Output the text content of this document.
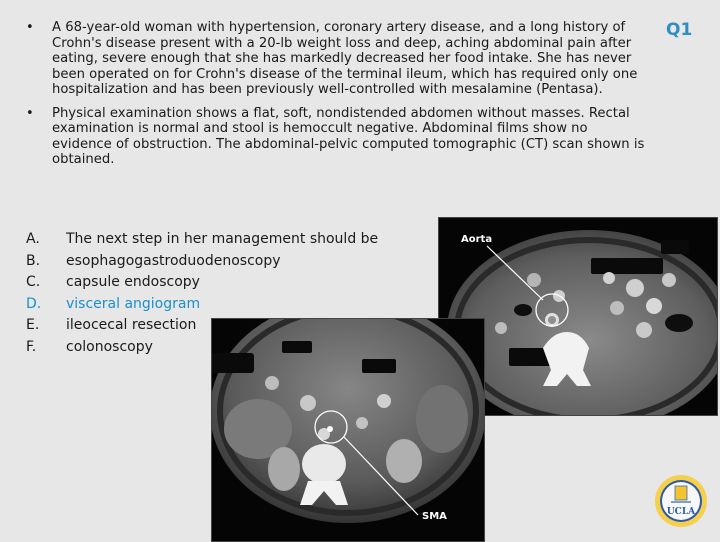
Q1
• A 68-year-old woman with hypertension, coronary artery disease, and a long history of Crohn's disease present with a 20-lb weight loss and deep, aching abdominal pain after eating, severe enough that she has markedly decreased her food intake. She has never been operated on for Crohn's disease of the terminal ileum, which has required only one hospitalization and has been previously well-controlled with mesalamine (Pentasa).
• Physical examination shows a flat, soft, nondistended abdomen without masses. Rectal examination is normal and stool is hemoccult negative. Abdominal films show no evidence of obstruction. The abdominal-pelvic computed tomographic (CT) scan shown is obtained.
A. The next step in her management should be
B. esophagogastroduodenoscopy
C. capsule endoscopy
D. visceral angiogram
E. ileocecal resection
F. colonoscopy
Aorta
SMA	UCLA
